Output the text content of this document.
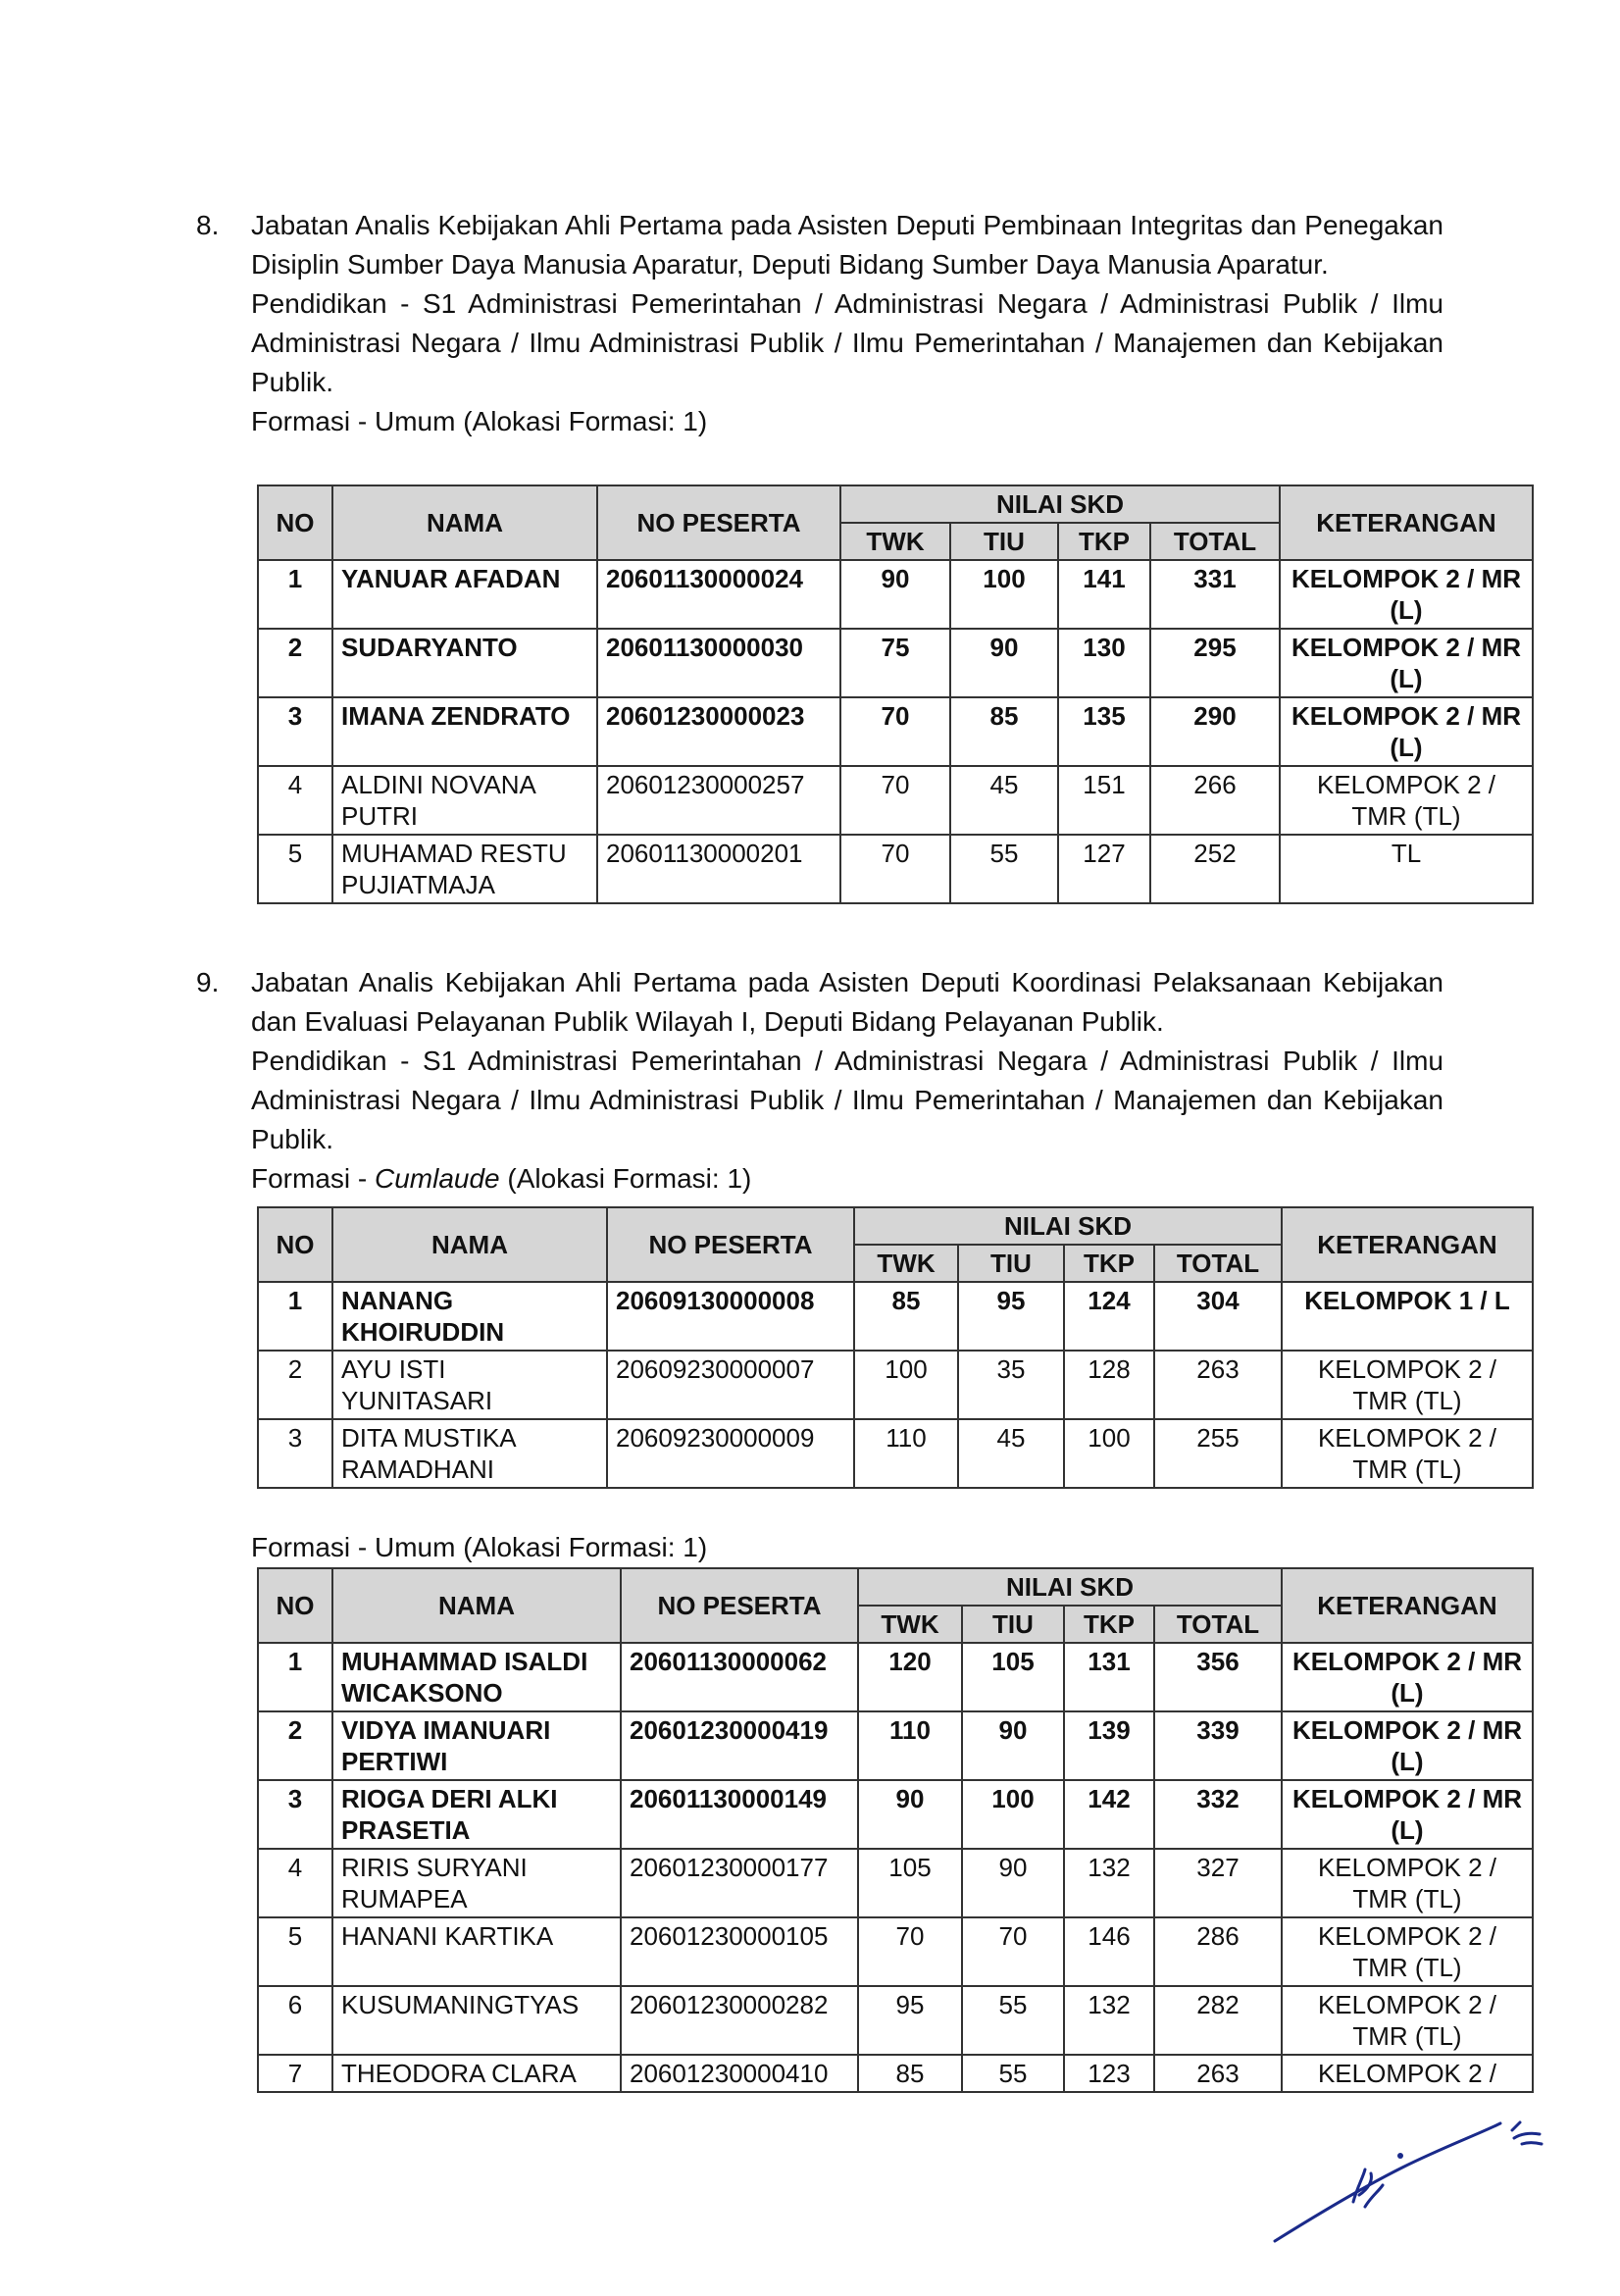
8. Jabatan Analis Kebijakan Ahli Pertama pada Asisten Deputi Pembinaan Integritas dan Penegakan Disiplin Sumber Daya Manusia Aparatur, Deputi Bidang Sumber Daya Manusia Aparatur.

Pendidikan - S1 Administrasi Pemerintahan / Administrasi Negara / Administrasi Publik / Ilmu Administrasi Negara / Ilmu Administrasi Publik / Ilmu Pemerintahan / Manajemen dan Kebijakan Publik.

Formasi - Umum (Alokasi Formasi: 1)
NO	NAMA	NO PESERTA	NILAI SKD				KETERANGAN
			TWK	TIU	TKP	TOTAL	
1	YANUAR AFADAN	20601130000024	90	100	141	331	KELOMPOK 2 / MR (L)
2	SUDARYANTO	20601130000030	75	90	130	295	KELOMPOK 2 / MR (L)
3	IMANA ZENDRATO	20601230000023	70	85	135	290	KELOMPOK 2 / MR (L)
4	ALDINI NOVANA PUTRI	20601230000257	70	45	151	266	KELOMPOK 2 / TMR (TL)
5	MUHAMAD RESTU PUJIATMAJA	20601130000201	70	55	127	252	TL
9. Jabatan Analis Kebijakan Ahli Pertama pada Asisten Deputi Koordinasi Pelaksanaan Kebijakan dan Evaluasi Pelayanan Publik Wilayah I, Deputi Bidang Pelayanan Publik.

Pendidikan - S1 Administrasi Pemerintahan / Administrasi Negara / Administrasi Publik / Ilmu Administrasi Negara / Ilmu Administrasi Publik / Ilmu Pemerintahan / Manajemen dan Kebijakan Publik.

Formasi - Cumlaude (Alokasi Formasi: 1)
NO	NAMA	NO PESERTA	NILAI SKD				KETERANGAN
			TWK	TIU	TKP	TOTAL	
1	NANANG KHOIRUDDIN	20609130000008	85	95	124	304	KELOMPOK 1 / L
2	AYU ISTI YUNITASARI	20609230000007	100	35	128	263	KELOMPOK 2 / TMR (TL)
3	DITA MUSTIKA RAMADHANI	20609230000009	110	45	100	255	KELOMPOK 2 / TMR (TL)
Formasi - Umum (Alokasi Formasi: 1)
NO	NAMA	NO PESERTA	NILAI SKD				KETERANGAN
			TWK	TIU	TKP	TOTAL	
1	MUHAMMAD ISALDI WICAKSONO	20601130000062	120	105	131	356	KELOMPOK 2 / MR (L)
2	VIDYA IMANUARI PERTIWI	20601230000419	110	90	139	339	KELOMPOK 2 / MR (L)
3	RIOGA DERI ALKI PRASETIA	20601130000149	90	100	142	332	KELOMPOK 2 / MR (L)
4	RIRIS SURYANI RUMAPEA	20601230000177	105	90	132	327	KELOMPOK 2 / TMR (TL)
5	HANANI KARTIKA	20601230000105	70	70	146	286	KELOMPOK 2 / TMR (TL)
6	KUSUMANINGTYAS	20601230000282	95	55	132	282	KELOMPOK 2 / TMR (TL)
7	THEODORA CLARA	20601230000410	85	55	123	263	KELOMPOK 2 /
